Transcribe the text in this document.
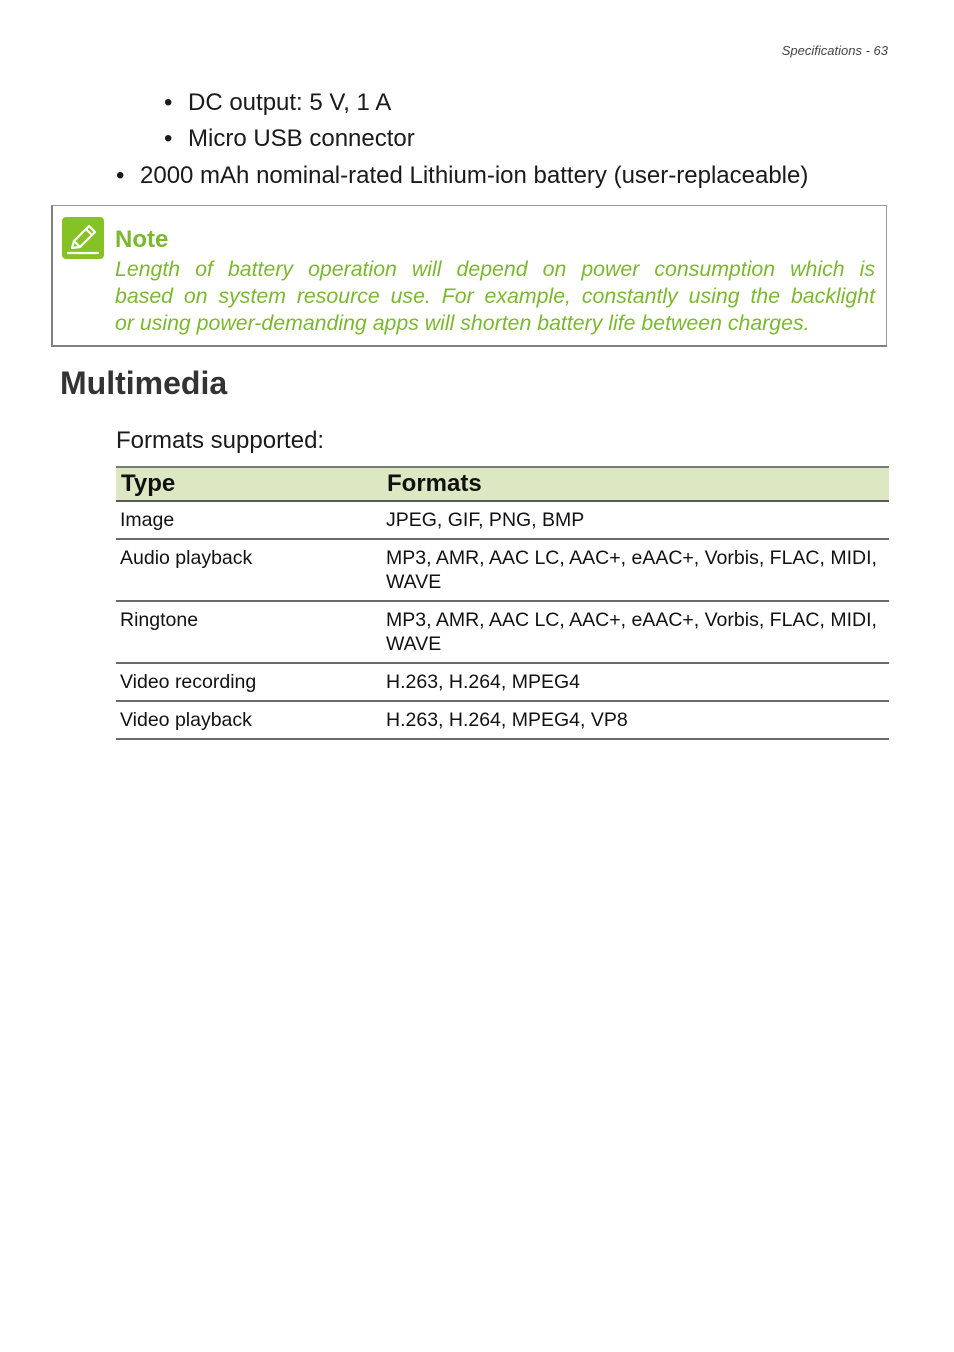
Specifications - 63
• DC output: 5 V, 1 A
• Micro USB connector
• 2000 mAh nominal-rated Lithium-ion battery (user-replaceable)
Note
Length of battery operation will depend on power consumption which is
based on system resource use. For example, constantly using the backlight
or using power-demanding apps will shorten battery life between charges.
Multimedia
Formats supported:
Type	Formats
Image	JPEG, GIF, PNG, BMP
Audio playback	MP3, AMR, AAC LC, AAC+, eAAC+, Vorbis, FLAC, MIDI, WAVE
Ringtone	MP3, AMR, AAC LC, AAC+, eAAC+, Vorbis, FLAC, MIDI, WAVE
Video recording	H.263, H.264, MPEG4
Video playback	H.263, H.264, MPEG4, VP8
